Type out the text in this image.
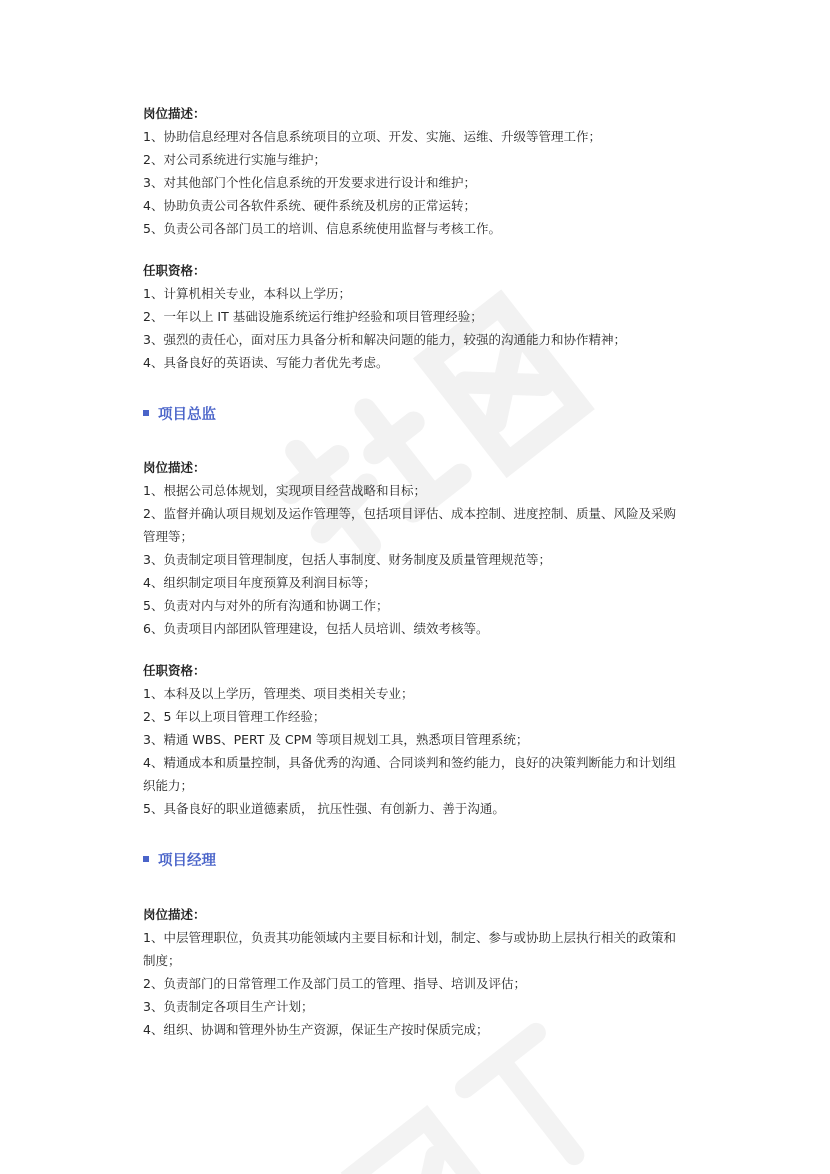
岗位描述：
1、协助信息经理对各信息系统项目的立项、开发、实施、运维、升级等管理工作；
2、对公司系统进行实施与维护；
3、对其他部门个性化信息系统的开发要求进行设计和维护；
4、协助负责公司各软件系统、硬件系统及机房的正常运转；
5、负责公司各部门员工的培训、信息系统使用监督与考核工作。
任职资格：
1、计算机相关专业，本科以上学历；
2、一年以上 IT 基础设施系统运行维护经验和项目管理经验；
3、强烈的责任心，面对压力具备分析和解决问题的能力，较强的沟通能力和协作精神；
4、具备良好的英语读、写能力者优先考虑。
项目总监
岗位描述：
1、根据公司总体规划，实现项目经营战略和目标；
2、监督并确认项目规划及运作管理等，包括项目评估、成本控制、进度控制、质量、风险及采购
管理等；
3、负责制定项目管理制度，包括人事制度、财务制度及质量管理规范等；
4、组织制定项目年度预算及利润目标等；
5、负责对内与对外的所有沟通和协调工作；
6、负责项目内部团队管理建设，包括人员培训、绩效考核等。
任职资格：
1、本科及以上学历，管理类、项目类相关专业；
2、5 年以上项目管理工作经验；
3、精通 WBS、PERT 及 CPM 等项目规划工具，熟悉项目管理系统；
4、精通成本和质量控制，具备优秀的沟通、合同谈判和签约能力，良好的决策判断能力和计划组
织能力；
5、具备良好的职业道德素质， 抗压性强、有创新力、善于沟通。
项目经理
岗位描述：
1、中层管理职位，负责其功能领域内主要目标和计划，制定、参与或协助上层执行相关的政策和
制度；
2、负责部门的日常管理工作及部门员工的管理、指导、培训及评估；
3、负责制定各项目生产计划；
4、组织、协调和管理外协生产资源，保证生产按时保质完成；
